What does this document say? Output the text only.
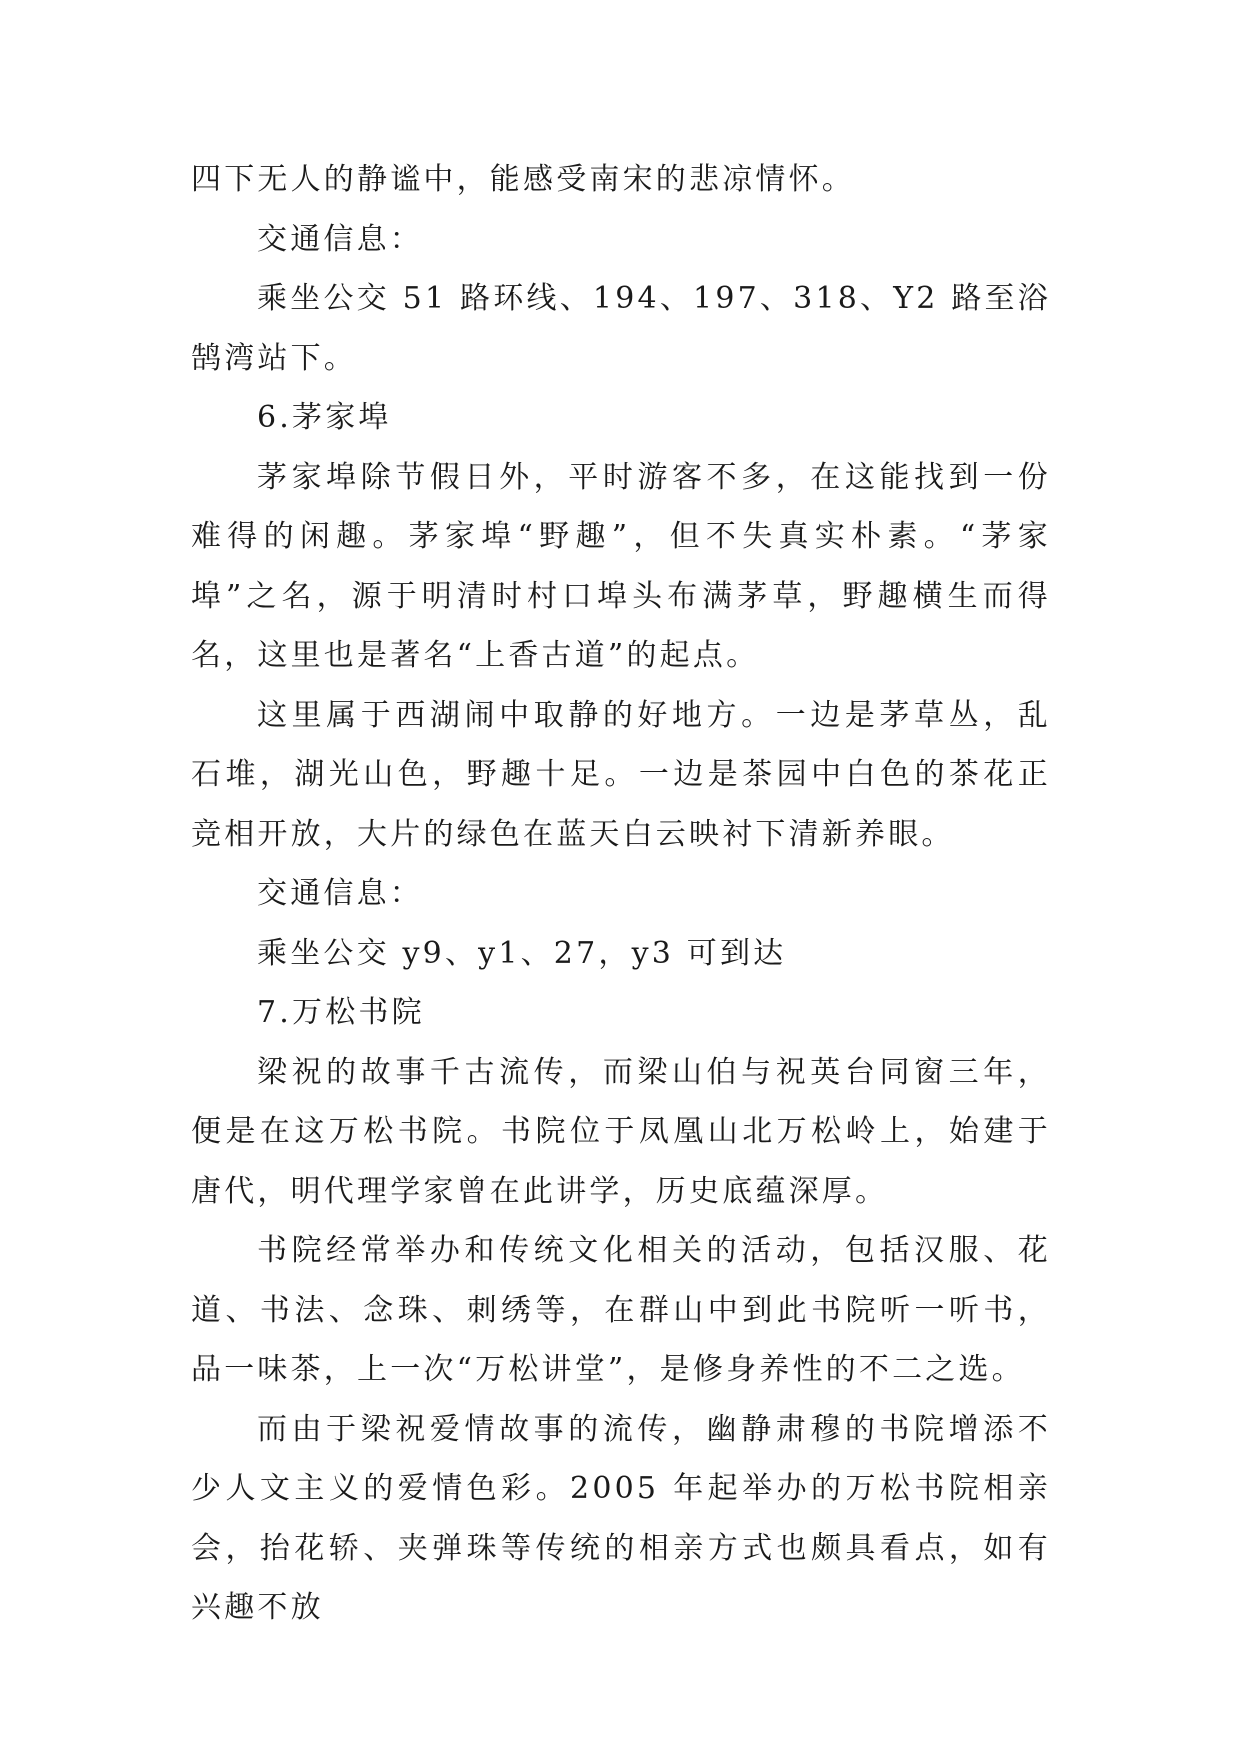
四下无人的静谧中，能感受南宋的悲凉情怀。

交通信息：

乘坐公交 51 路环线、194、197、318、Y2 路至浴鹄湾站下。

6.茅家埠

茅家埠除节假日外，平时游客不多，在这能找到一份难得的闲趣。茅家埠“野趣”，但不失真实朴素。“茅家埠”之名，源于明清时村口埠头布满茅草，野趣横生而得名，这里也是著名“上香古道”的起点。

这里属于西湖闹中取静的好地方。一边是茅草丛，乱石堆，湖光山色，野趣十足。一边是茶园中白色的茶花正竞相开放，大片的绿色在蓝天白云映衬下清新养眼。

交通信息：

乘坐公交 y9、y1、27，y3 可到达

7.万松书院

梁祝的故事千古流传，而梁山伯与祝英台同窗三年，便是在这万松书院。书院位于凤凰山北万松岭上，始建于唐代，明代理学家曾在此讲学，历史底蕴深厚。

书院经常举办和传统文化相关的活动，包括汉服、花道、书法、念珠、刺绣等，在群山中到此书院听一听书，品一味茶，上一次“万松讲堂”，是修身养性的不二之选。

而由于梁祝爱情故事的流传，幽静肃穆的书院增添不少人文主义的爱情色彩。2005 年起举办的万松书院相亲会，抬花轿、夹弹珠等传统的相亲方式也颇具看点，如有兴趣不放
